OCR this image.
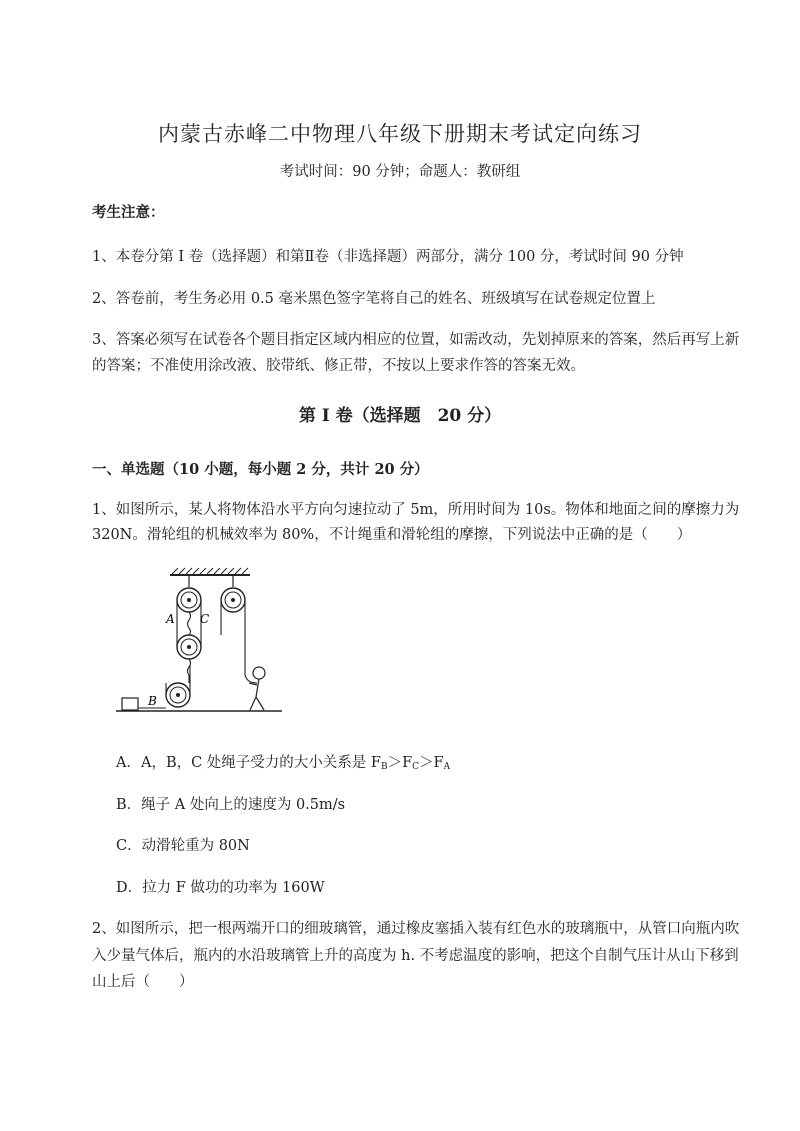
内蒙古赤峰二中物理八年级下册期末考试定向练习
考试时间：90 分钟；命题人：教研组
考生注意：
1、本卷分第 I 卷（选择题）和第Ⅱ卷（非选择题）两部分，满分 100 分，考试时间 90 分钟
2、答卷前，考生务必用 0.5 毫米黑色签字笔将自己的姓名、班级填写在试卷规定位置上
3、答案必须写在试卷各个题目指定区域内相应的位置，如需改动，先划掉原来的答案，然后再写上新
的答案；不准使用涂改液、胶带纸、修正带，不按以上要求作答的答案无效。
第 I 卷（选择题　20 分）
一、单选题（10 小题，每小题 2 分，共计 20 分）
1、如图所示，某人将物体沿水平方向匀速拉动了 5m，所用时间为 10s。物体和地面之间的摩擦力为
320N。滑轮组的机械效率为 80%，不计绳重和滑轮组的摩擦，下列说法中正确的是（　　）
A C
B
A．A，B，C 处绳子受力的大小关系是 $F_B>F_C>F_A$
B．绳子 A 处向上的速度为 0.5m/s
C．动滑轮重为 80N
D．拉力 F 做功的功率为 160W
2、如图所示，把一根两端开口的细玻璃管，通过橡皮塞插入装有红色水的玻璃瓶中，从管口向瓶内吹
入少量气体后，瓶内的水沿玻璃管上升的高度为 h. 不考虑温度的影响，把这个自制气压计从山下移到
山上后（　　）
